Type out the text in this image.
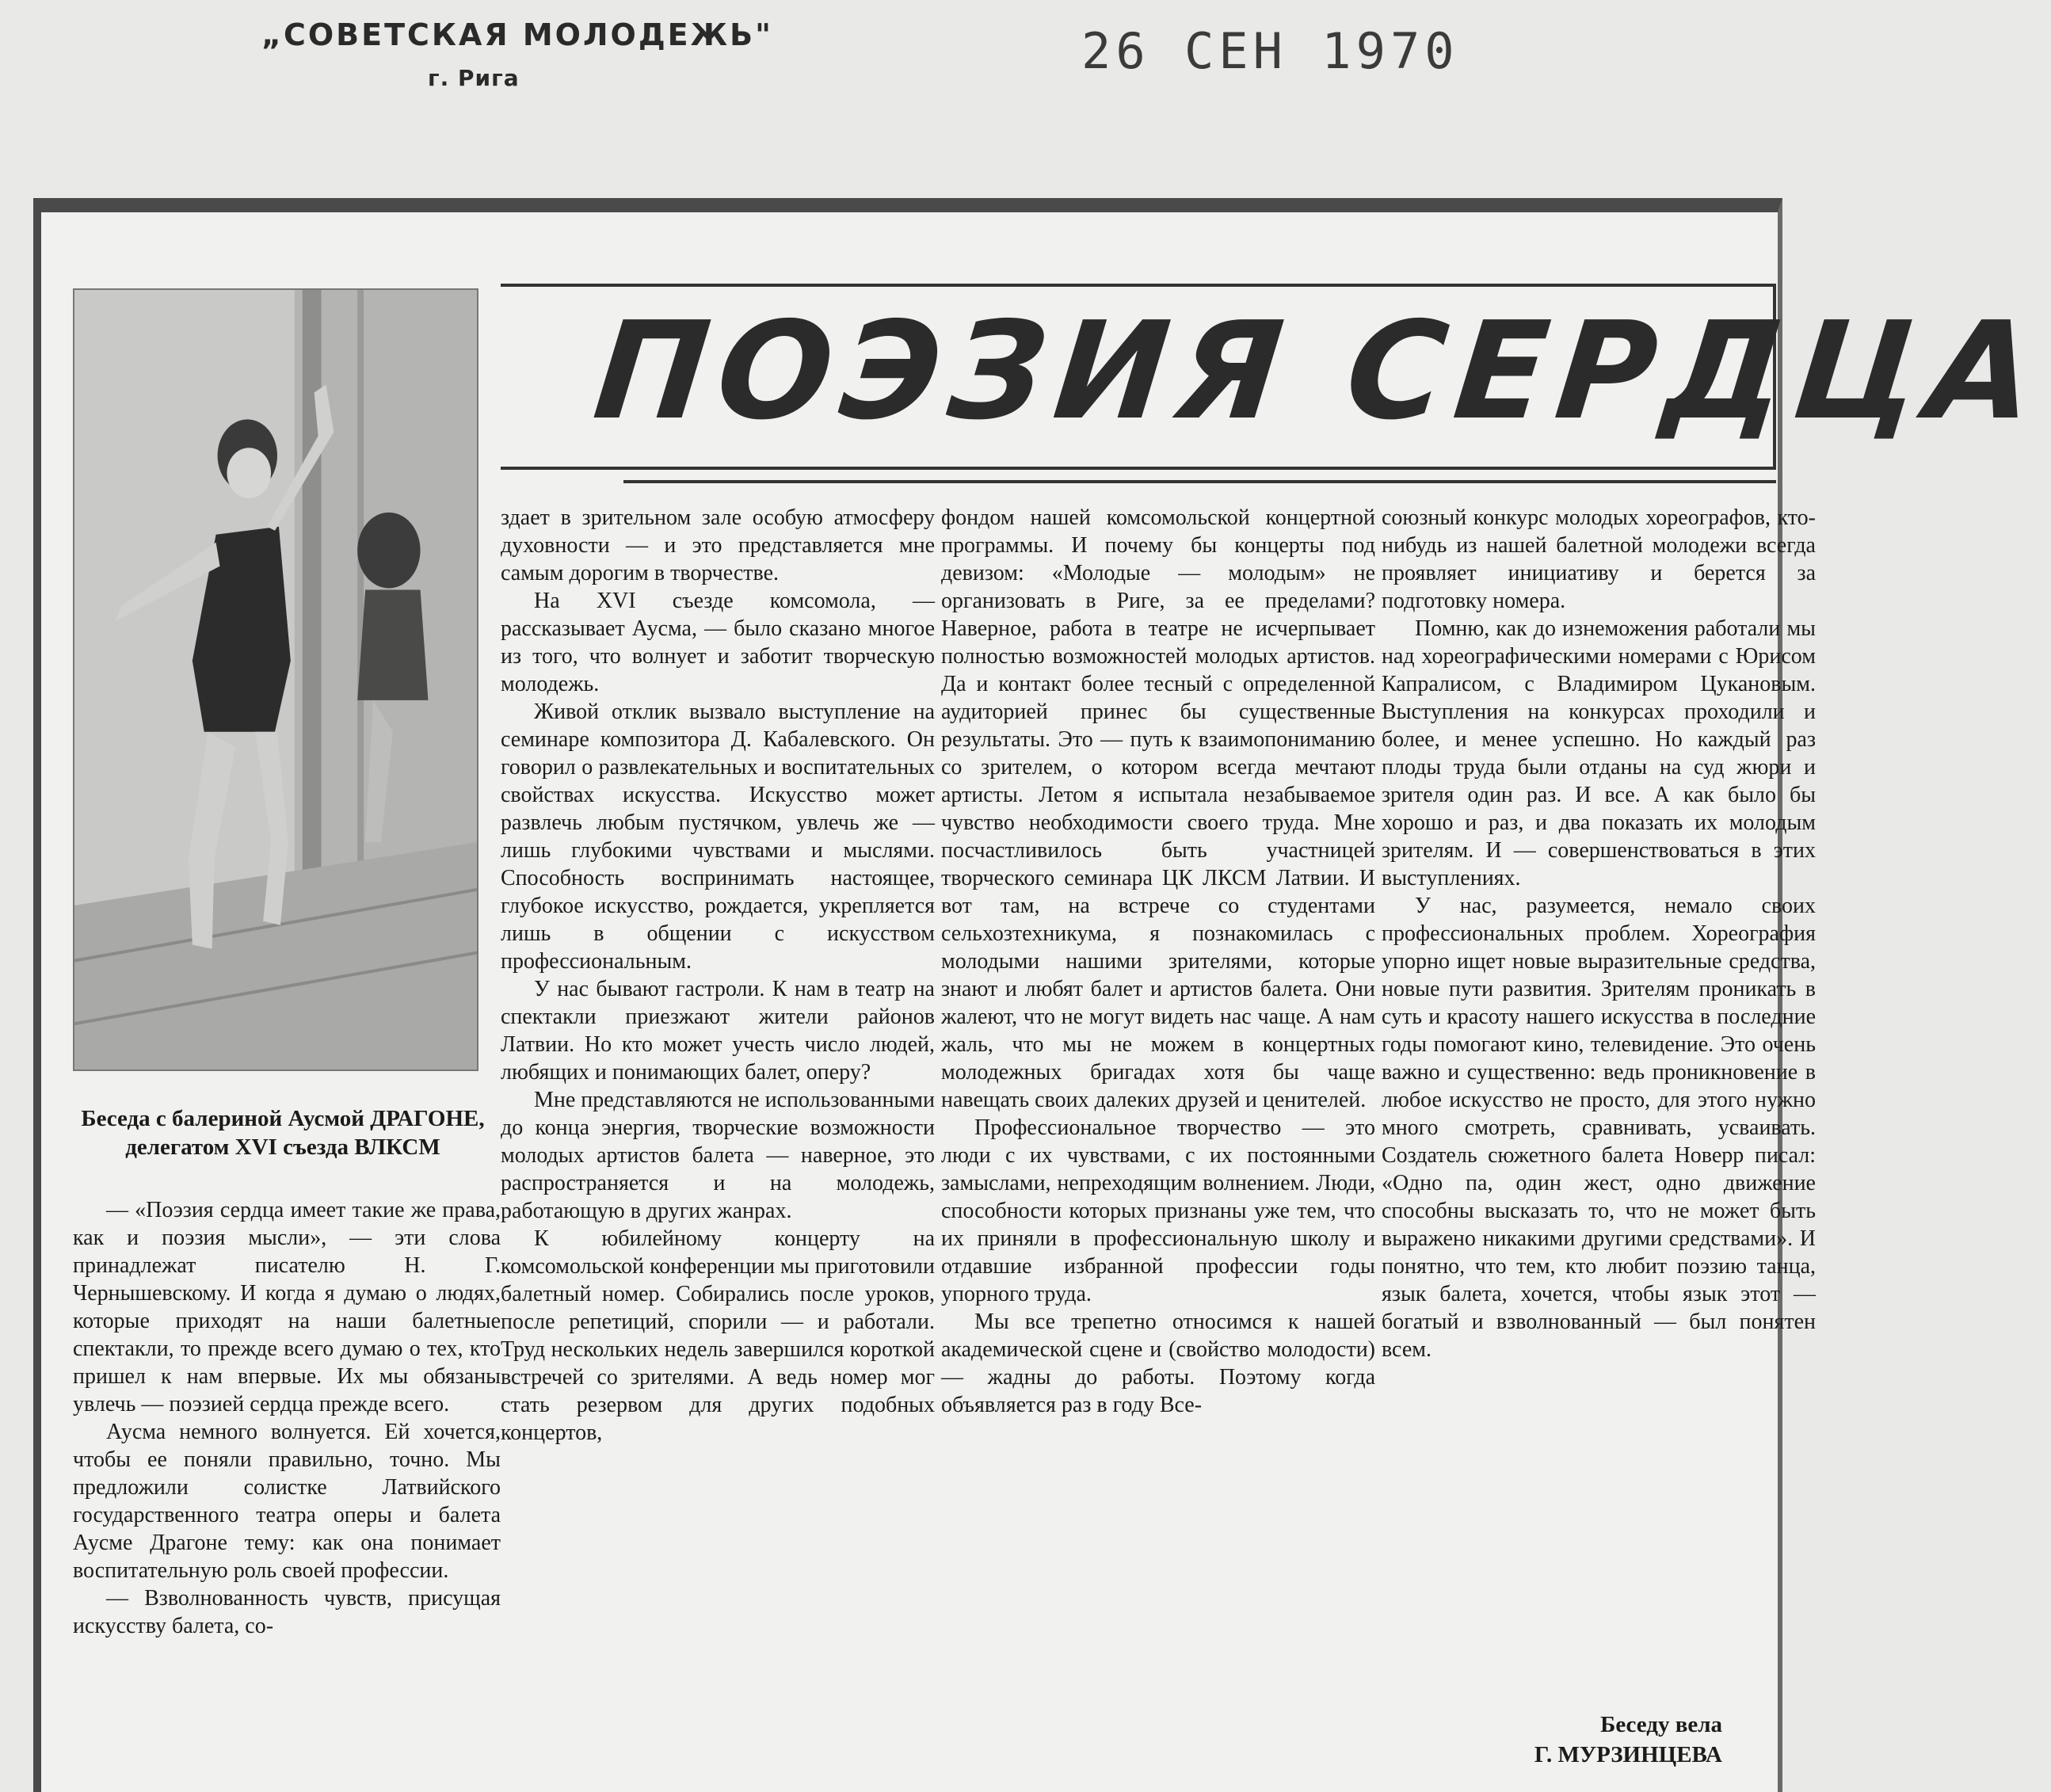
„СОВЕТСКАЯ МОЛОДЕЖЬ"
г. Рига	26 СЕН 1970
ПОЭЗИЯ СЕРДЦА
Беседа с балериной Аусмой ДРАГОНЕ, делегатом XVI съезда ВЛКСМ

— «Поэзия сердца имеет такие же права, как и поэзия мысли», — эти слова принадлежат писателю Н. Г. Чернышевскому. И когда я думаю о людях, которые приходят на наши балетные спектакли, то прежде всего думаю о тех, кто пришел к нам впервые. Их мы обязаны увлечь — поэзией сердца прежде всего.

Аусма немного волнуется. Ей хочется, чтобы ее поняли правильно, точно. Мы предложили солистке Латвийского государственного театра оперы и балета Аусме Драгоне тему: как она понимает воспитательную роль своей профессии.

— Взволнованность чувств, присущая искусству балета, со-

здает в зрительном зале особую атмосферу духовности — и это представляется мне самым дорогим в творчестве.

На XVI съезде комсомола, — рассказывает Аусма, — было сказано многое из того, что волнует и заботит творческую молодежь.

Живой отклик вызвало выступление на семинаре композитора Д. Кабалевского. Он говорил о развлекательных и воспитательных свойствах искусства. Искусство может развлечь любым пустячком, увлечь же — лишь глубокими чувствами и мыслями. Способность воспринимать настоящее, глубокое искусство, рождается, укрепляется лишь в общении с искусством профессиональным.

У нас бывают гастроли. К нам в театр на спектакли приезжают жители районов Латвии. Но кто может учесть число людей, любящих и понимающих балет, оперу?

Мне представляются не использованными до конца энергия, творческие возможности молодых артистов балета — наверное, это распространяется и на молодежь, работающую в других жанрах.

К юбилейному концерту на комсомольской конференции мы приготовили балетный номер. Собирались после уроков, после репетиций, спорили — и работали. Труд нескольких недель завершился короткой встречей со зрителями. А ведь номер мог стать резервом для других подобных концертов,

фондом нашей комсомольской концертной программы. И почему бы концерты под девизом: «Молодые — молодым» не организовать в Риге, за ее пределами? Наверное, работа в театре не исчерпывает полностью возможностей молодых артистов. Да и контакт более тесный с определенной аудиторией принес бы существенные результаты. Это — путь к взаимопониманию со зрителем, о котором всегда мечтают артисты. Летом я испытала незабываемое чувство необходимости своего труда. Мне посчастливилось быть участницей творческого семинара ЦК ЛКСМ Латвии. И вот там, на встрече со студентами сельхозтехникума, я познакомилась с молодыми нашими зрителями, которые знают и любят балет и артистов балета. Они жалеют, что не могут видеть нас чаще. А нам жаль, что мы не можем в концертных молодежных бригадах хотя бы чаще навещать своих далеких друзей и ценителей.

Профессиональное творчество — это люди с их чувствами, с их постоянными замыслами, непреходящим волнением. Люди, способности которых признаны уже тем, что их приняли в профессиональную школу и отдавшие избранной профессии годы упорного труда.

Мы все трепетно относимся к нашей академической сцене и (свойство молодости) — жадны до работы. Поэтому когда объявляется раз в году Все-

союзный конкурс молодых хореографов, кто-нибудь из нашей балетной молодежи всегда проявляет инициативу и берется за подготовку номера.

Помню, как до изнеможения работали мы над хореографическими номерами с Юрисом Капралисом, с Владимиром Цукановым. Выступления на конкурсах проходили и более, и менее успешно. Но каждый раз плоды труда были отданы на суд жюри и зрителя один раз. И все. А как было бы хорошо и раз, и два показать их молодым зрителям. И — совершенствоваться в этих выступлениях.

У нас, разумеется, немало своих профессиональных проблем. Хореография упорно ищет новые выразительные средства, новые пути развития. Зрителям проникать в суть и красоту нашего искусства в последние годы помогают кино, телевидение. Это очень важно и существенно: ведь проникновение в любое искусство не просто, для этого нужно много смотреть, сравнивать, усваивать. Создатель сюжетного балета Новерр писал: «Одно па, один жест, одно движение способны высказать то, что не может быть выражено никакими другими средствами». И понятно, что тем, кто любит поэзию танца, язык балета, хочется, чтобы язык этот — богатый и взволнованный — был понятен всем.

Беседу вела
Г. МУРЗИНЦЕВА
